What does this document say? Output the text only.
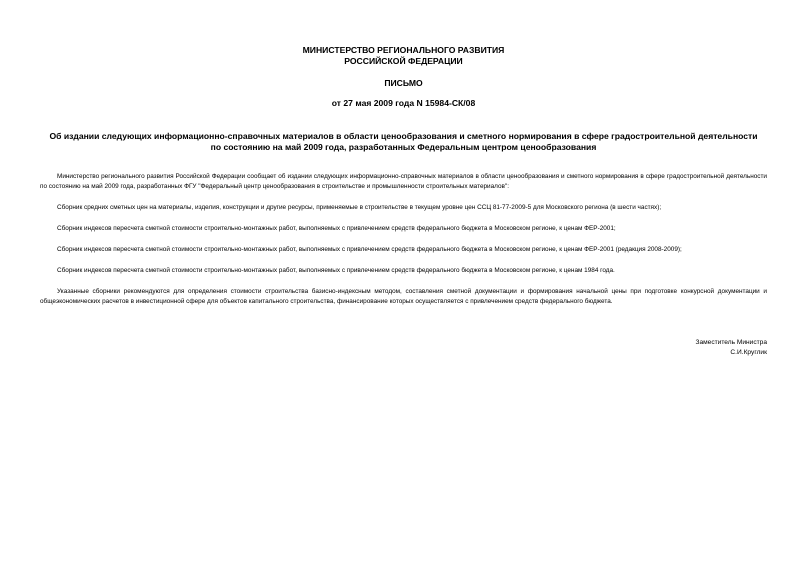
МИНИСТЕРСТВО РЕГИОНАЛЬНОГО РАЗВИТИЯ
РОССИЙСКОЙ ФЕДЕРАЦИИ
ПИСЬМО
от 27 мая 2009 года N 15984-СК/08
Об издании следующих информационно-справочных материалов в области ценообразования и сметного нормирования в сфере градостроительной деятельности
по состоянию на май 2009 года, разработанных Федеральным центром ценообразования

Министерство регионального развития Российской Федерации сообщает об издании следующих информационно-справочных материалов в области ценообразования и сметного нормирования в сфере градостроительной деятельности по состоянию на май 2009 года, разработанных ФГУ "Федеральный центр ценообразования в строительстве и промышленности строительных материалов":

Сборник средних сметных цен на материалы, изделия, конструкции и другие ресурсы, применяемые в строительстве в текущем уровне цен ССЦ 81-77-2009-5 для Московского региона (в шести частях);

Сборник индексов пересчета сметной стоимости строительно-монтажных работ, выполняемых с привлечением средств федерального бюджета в Московском регионе, к ценам ФЕР-2001;

Сборник индексов пересчета сметной стоимости строительно-монтажных работ, выполняемых с привлечением средств федерального бюджета в Московском регионе, к ценам ФЕР-2001 (редакция 2008-2009);

Сборник индексов пересчета сметной стоимости строительно-монтажных работ, выполняемых с привлечением средств федерального бюджета в Московском регионе, к ценам 1984 года.

Указанные сборники рекомендуются для определения стоимости строительства базисно-индексным методом, составления сметной документации и формирования начальной цены при подготовке конкурсной документации и общеэкономических расчетов в инвестиционной сфере для объектов капитального строительства, финансирование которых осуществляется с привлечением средств федерального бюджета.

Заместитель Министра
С.И.Круглик
